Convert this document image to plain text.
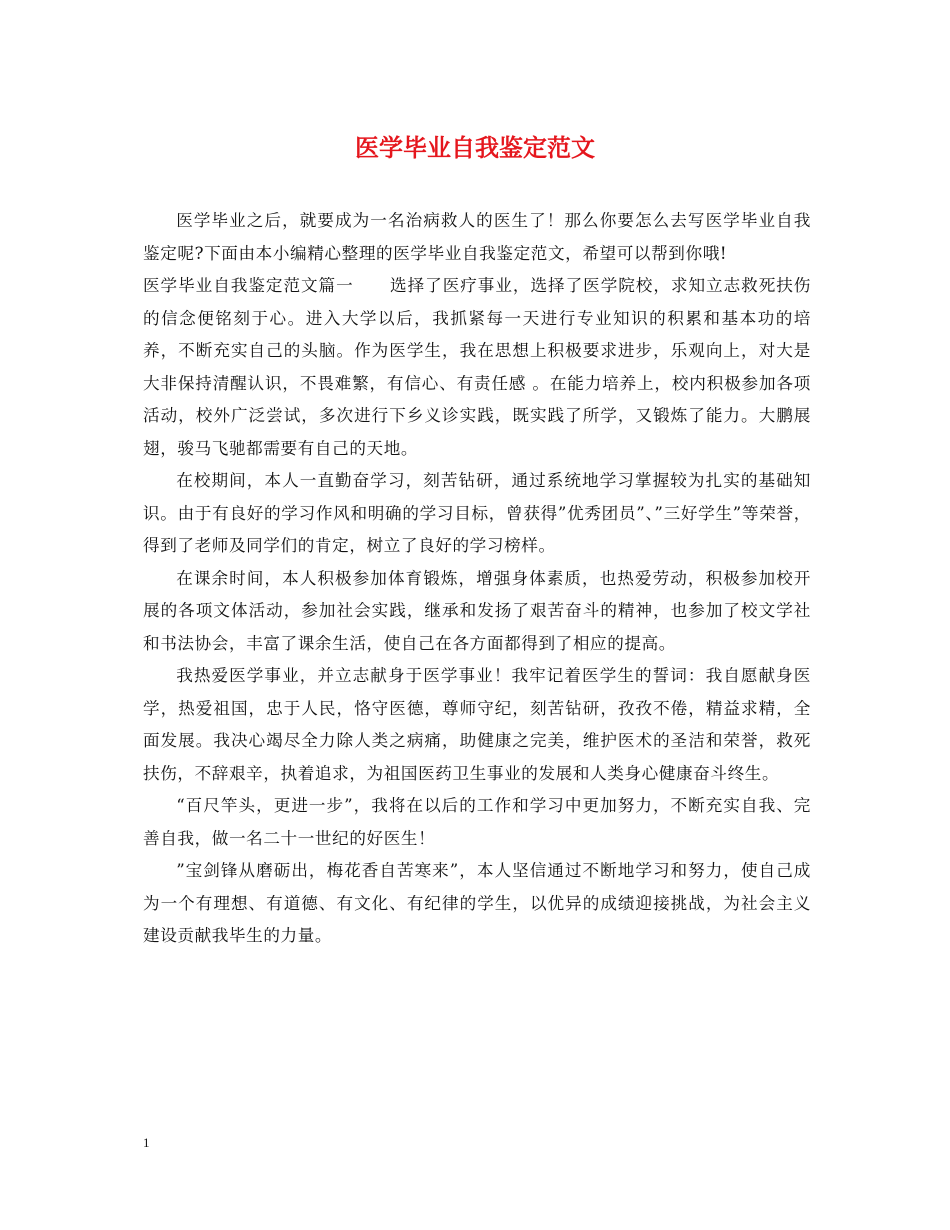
医学毕业自我鉴定范文

医学毕业之后，就要成为一名治病救人的医生了！那么你要怎么去写医学毕业自我鉴定呢?下面由本小编精心整理的医学毕业自我鉴定范文，希望可以帮到你哦!

医学毕业自我鉴定范文篇一 选择了医疗事业，选择了医学院校，求知立志救死扶伤的信念便铭刻于心。进入大学以后，我抓紧每一天进行专业知识的积累和基本功的培养，不断充实自己的头脑。作为医学生，我在思想上积极要求进步，乐观向上，对大是大非保持清醒认识，不畏难繁，有信心、有责任感 。在能力培养上，校内积极参加各项活动，校外广泛尝试，多次进行下乡义诊实践，既实践了所学，又锻炼了能力。大鹏展翅，骏马飞驰都需要有自己的天地。

在校期间，本人一直勤奋学习，刻苦钻研，通过系统地学习掌握较为扎实的基础知识。由于有良好的学习作风和明确的学习目标，曾获得”优秀团员”、”三好学生”等荣誉，得到了老师及同学们的肯定，树立了良好的学习榜样。

在课余时间，本人积极参加体育锻炼，增强身体素质，也热爱劳动，积极参加校开展的各项文体活动，参加社会实践，继承和发扬了艰苦奋斗的精神，也参加了校文学社和书法协会，丰富了课余生活，使自己在各方面都得到了相应的提高。

我热爱医学事业，并立志献身于医学事业！我牢记着医学生的誓词：我自愿献身医学，热爱祖国，忠于人民，恪守医德，尊师守纪，刻苦钻研，孜孜不倦，精益求精，全面发展。我决心竭尽全力除人类之病痛，助健康之完美，维护医术的圣洁和荣誉，救死扶伤，不辞艰辛，执着追求，为祖国医药卫生事业的发展和人类身心健康奋斗终生。

“百尺竿头，更进一步”，我将在以后的工作和学习中更加努力，不断充实自我、完善自我，做一名二十一世纪的好医生！

”宝剑锋从磨砺出，梅花香自苦寒来”，本人坚信通过不断地学习和努力，使自己成为一个有理想、有道德、有文化、有纪律的学生，以优异的成绩迎接挑战，为社会主义建设贡献我毕生的力量。

1
